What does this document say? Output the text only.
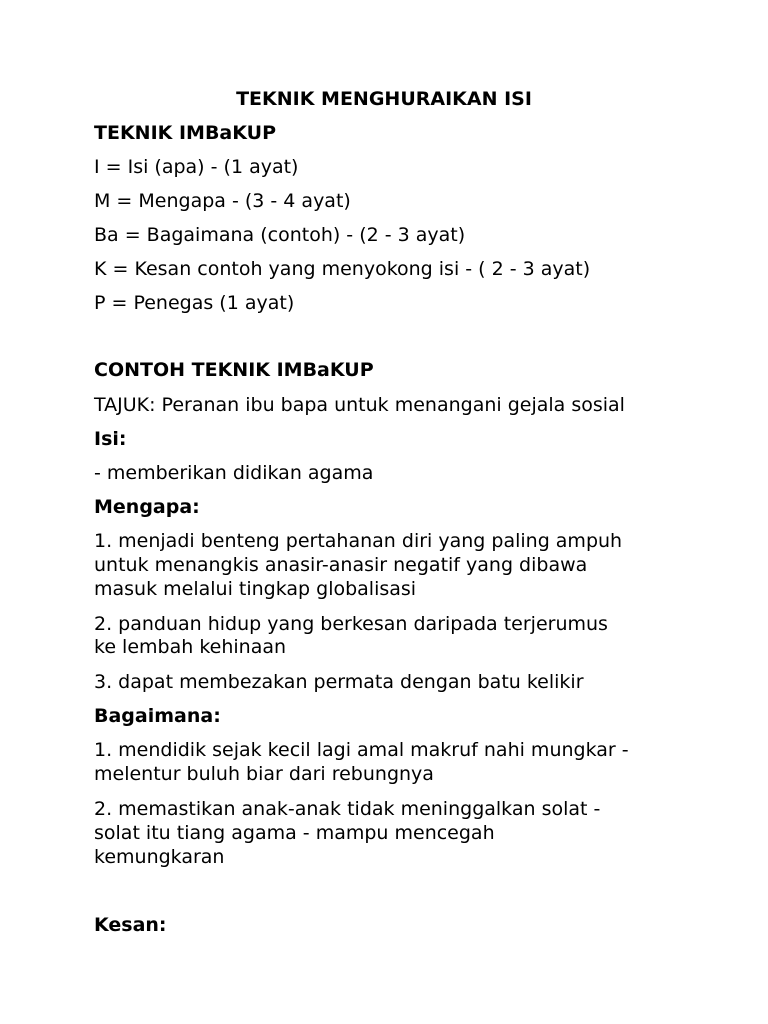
TEKNIK MENGHURAIKAN ISI

TEKNIK IMBaKUP

I = Isi (apa) - (1 ayat)

M = Mengapa - (3 - 4 ayat)

Ba = Bagaimana (contoh) - (2 - 3 ayat)

K = Kesan contoh yang menyokong isi - ( 2 - 3 ayat)

P = Penegas (1 ayat)

CONTOH TEKNIK IMBaKUP

TAJUK: Peranan ibu bapa untuk menangani gejala sosial

Isi:

- memberikan didikan agama

Mengapa:

1. menjadi benteng pertahanan diri yang paling ampuh

untuk menangkis anasir-anasir negatif yang dibawa

masuk melalui tingkap globalisasi

2. panduan hidup yang berkesan daripada terjerumus

ke lembah kehinaan

3. dapat membezakan permata dengan batu kelikir

Bagaimana:

1. mendidik sejak kecil lagi amal makruf nahi mungkar -

melentur buluh biar dari rebungnya

2. memastikan anak-anak tidak meninggalkan solat -

solat itu tiang agama - mampu mencegah

kemungkaran

Kesan:
